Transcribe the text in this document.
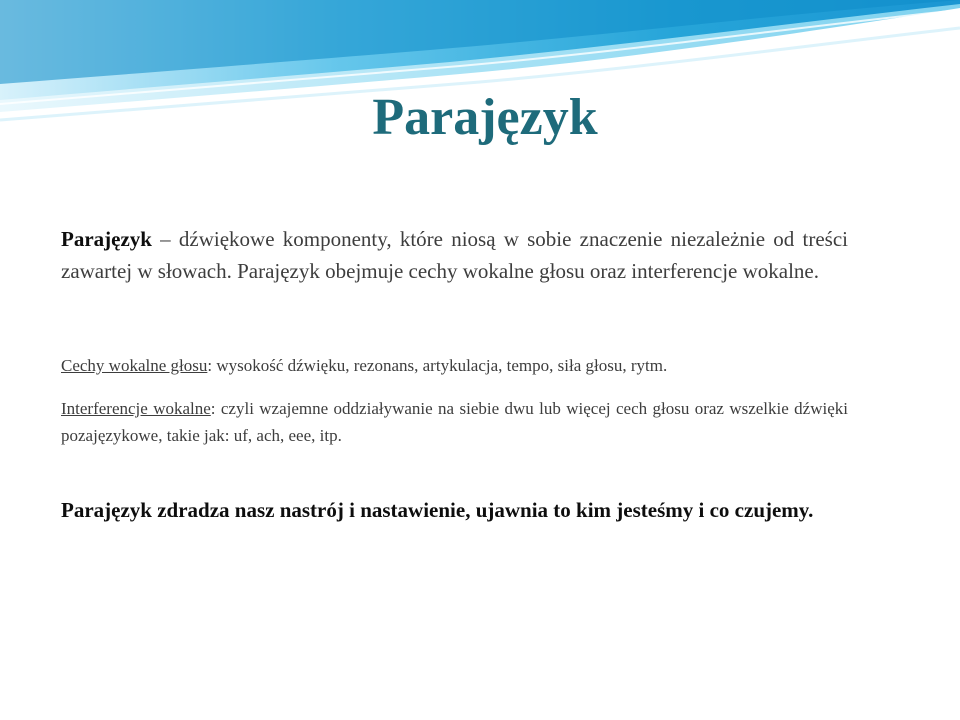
Parajęzyk
Parajęzyk – dźwiękowe komponenty, które niosą w sobie znaczenie niezależnie od treści zawartej w słowach. Parajęzyk obejmuje cechy wokalne głosu oraz interferencje wokalne.
Cechy wokalne głosu: wysokość dźwięku, rezonans, artykulacja, tempo, siła głosu, rytm.
Interferencje wokalne: czyli wzajemne oddziaływanie na siebie dwu lub więcej cech głosu oraz wszelkie dźwięki pozajęzykowe, takie jak: uf, ach, eee, itp.
Parajęzyk zdradza nasz nastrój i nastawienie, ujawnia to kim jesteśmy i co czujemy.
